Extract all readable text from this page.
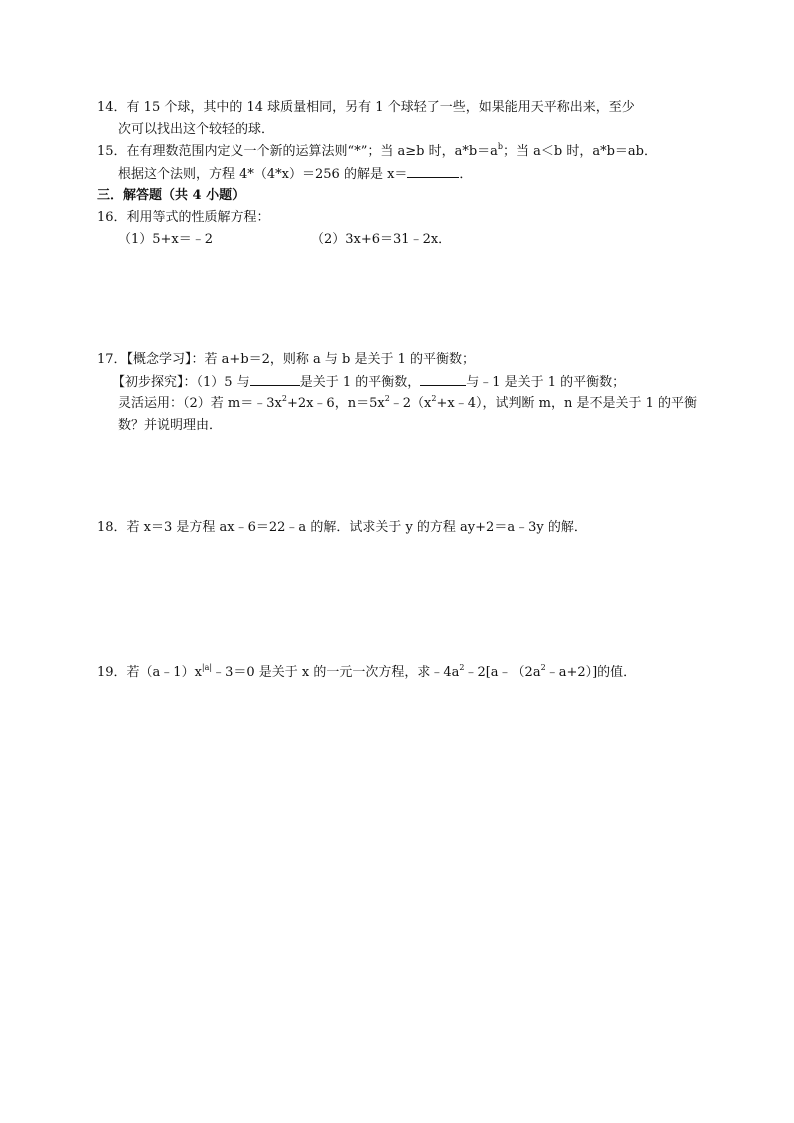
14．有 15 个球，其中的 14 球质量相同，另有 1 个球轻了一些，如果能用天平称出来，至少
次可以找出这个较轻的球．
15．在有理数范围内定义一个新的运算法则“*”；当 a≥b 时，$a*b=a^b$；当 a＜b 时，a*b＝ab．
根据这个法则，方程 4*（4*x）＝256 的解是 x＝	．
三．解答题（共 4 小题）
16．利用等式的性质解方程：
（1）5+x＝﹣2	（2）3x+6＝31﹣2x．
17．【概念学习】：若 a+b＝2，则称 a 与 b 是关于 1 的平衡数；
【初步探究】：（1）5 与	是关于 1 的平衡数，	与﹣1 是关于 1 的平衡数；
灵活运用：（2）若 $m=﹣3x^2+2x﹣6$，$n=5x^2﹣2(x^2+x﹣4)$，试判断 m，n 是不是关于 1 的平衡
数？并说明理由．
18．若 x＝3 是方程 ax﹣6＝22﹣a 的解．试求关于 y 的方程 ay+2＝a﹣3y 的解．
19．若$(a﹣1)x^{|a|}﹣3=0$ 是关于 x 的一元一次方程，求$﹣4a^2﹣2[a﹣(2a^2﹣a+2)]$的值．
